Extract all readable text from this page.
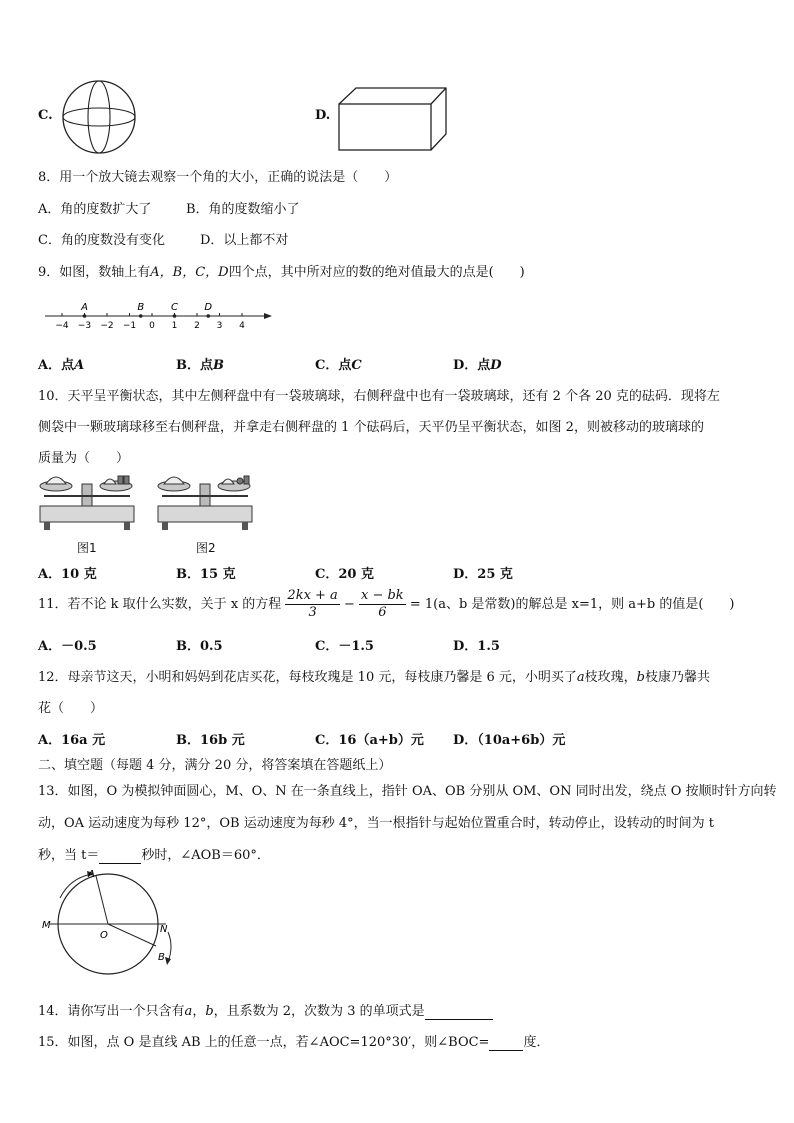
C.	D.
8．用一个放大镜去观察一个角的大小，正确的说法是（　　）
A．角的度数扩大了	B．角的度数缩小了
C．角的度数没有变化	D．以上都不对
9．如图，数轴上有A，B，C，D四个点，其中所对应的数的绝对值最大的点是(　　)
−4 −3 −2 −1 0 1 2 3 4
A	B	C	D
A．点A	B．点B	C．点C	D．点D
10．天平呈平衡状态，其中左侧秤盘中有一袋玻璃球，右侧秤盘中也有一袋玻璃球，还有 2 个各 20 克的砝码．现将左
侧袋中一颗玻璃球移至右侧秤盘，并拿走右侧秤盘的 1 个砝码后，天平仍呈平衡状态，如图 2，则被移动的玻璃球的
质量为（　　）
图1	图2
A．10 克	B．15 克	C．20 克	D．25 克
11．若不论 k 取什么实数，关于 x 的方程 $\frac{2kx + a}{3} - \frac{x - bk}{6} = 1(a$、b 是常数)的解总是 x=1，则 a+b 的值是(　　)
A．－0.5	B．0.5	C．－1.5	D．1.5
12．母亲节这天，小明和妈妈到花店买花，每枝玫瑰是 10 元，每枝康乃馨是 6 元，小明买了a枝玫瑰，b枝康乃馨共
花（　　）
A．16a 元	B．16b 元	C．16（a+b）元 D．（10a+6b）元
二、填空题（每题 4 分，满分 20 分，将答案填在答题纸上）
13．如图，O 为模拟钟面圆心，M、O、N 在一条直线上，指针 OA、OB 分别从 OM、ON 同时出发，绕点 O 按顺时针方向转
动，OA 运动速度为每秒 12°，OB 运动速度为每秒 4°，当一根指针与起始位置重合时，转动停止，设转动的时间为 t
秒，当 t＝	秒时，∠AOB＝60°．
A
B
M	N
O
14．请你写出一个只含有a，b，且系数为 2，次数为 3 的单项式是
15．如图，点 O 是直线 AB 上的任意一点，若∠AOC=120°30′，则∠BOC=	度．
